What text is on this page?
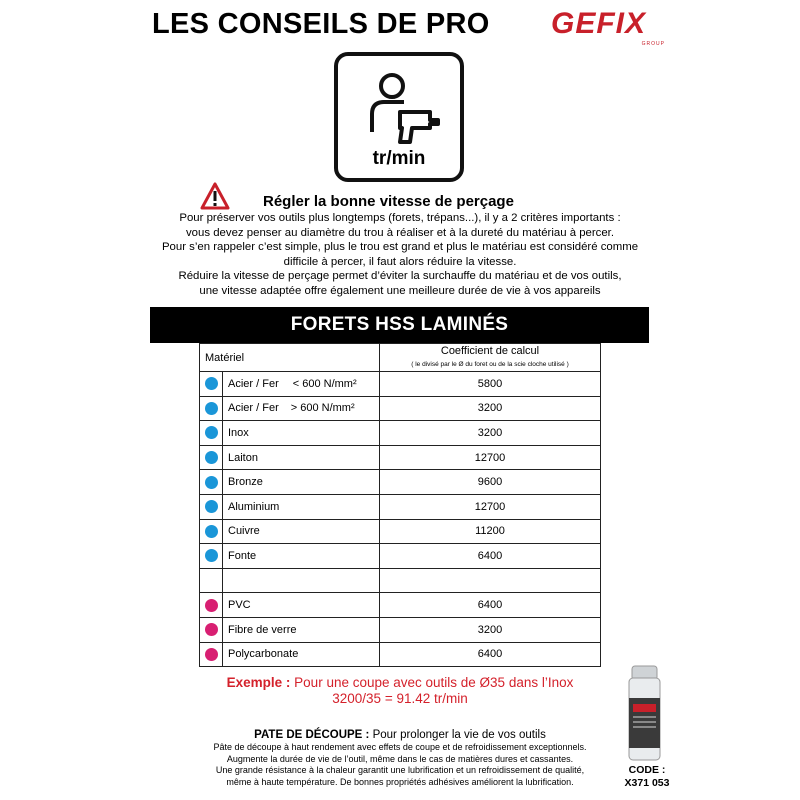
LES CONSEILS DE PRO GEFIX
GROUP
tr/min
Régler la bonne vitesse de perçage

Pour préserver vos outils plus longtemps (forets, trépans...), il y a 2 critères importants :

vous devez penser au diamètre du trou à réaliser et à la dureté du matériau à percer.

Pour s’en rappeler c’est simple, plus le trou est grand et plus le matériau est considéré comme

difficile à percer, il faut alors réduire la vitesse.

Réduire la vitesse de perçage permet d’éviter la surchauffe du matériau et de vos outils,

une vitesse adaptée offre également une meilleure durée de vie à vos appareils

FORETS HSS LAMINÉS
Matériel		Coefficient de calcul
( le divisé par le Ø du foret ou de la scie cloche utilisé )

	Acier / Fer < 600 N/mm²	5800
	Acier / Fer > 600 N/mm²	3200
	Inox	3200
	Laiton	12700
	Bronze	9600
	Aluminium	12700
	Cuivre	11200
	Fonte	6400

	PVC	6400
	Fibre de verre	3200
	Polycarbonate	6400
Exemple : Pour une coupe avec outils de Ø35 dans l’Inox
3200/35 = 91.42 tr/min
PATE DE DÉCOUPE : Pour prolonger la vie de vos outils
Pâte de découpe à haut rendement avec effets de coupe et de refroidissement exceptionnels.
Augmente la durée de vie de l’outil, même dans le cas de matières dures et cassantes.
Une grande résistance à la chaleur garantit une lubrification et un refroidissement de qualité,
même à haute température. De bonnes propriétés adhésives améliorent la lubrification.
CODE :
X371 053
